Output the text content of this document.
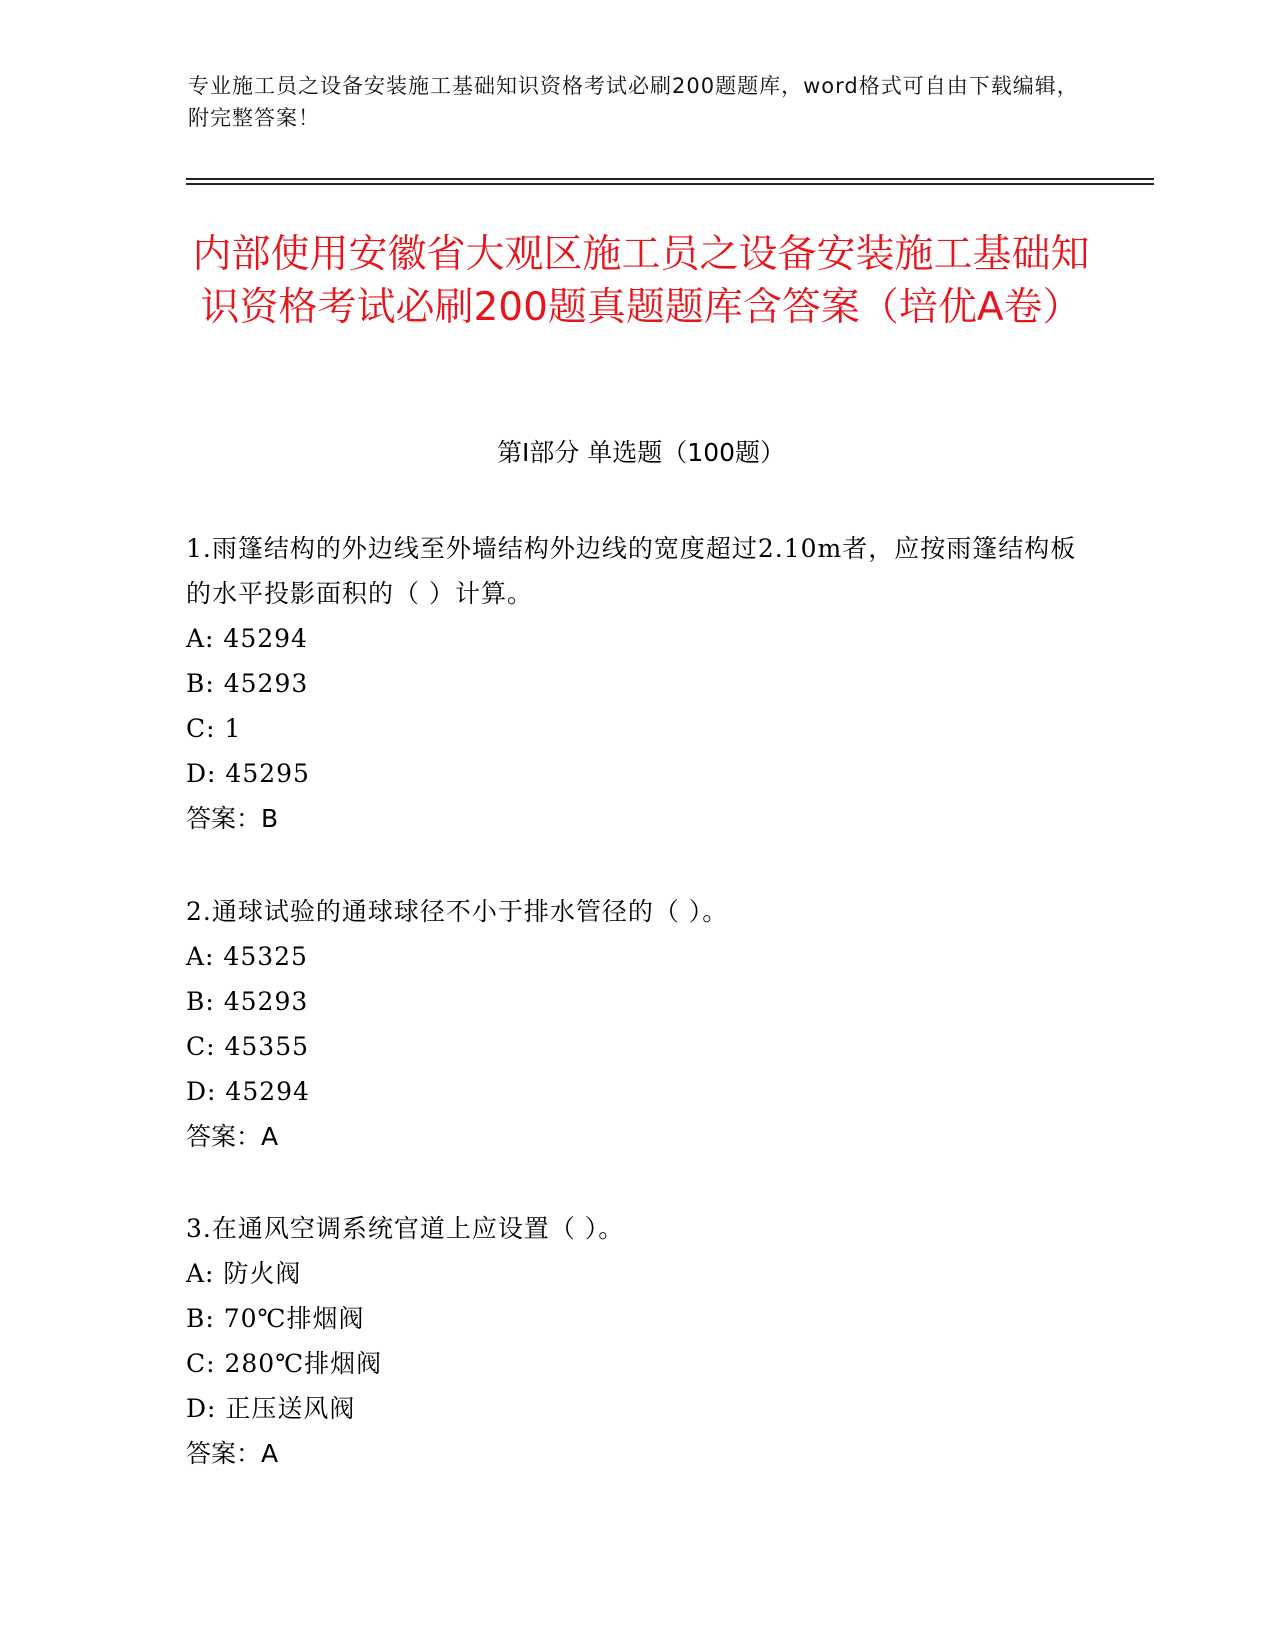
专业施工员之设备安装施工基础知识资格考试必刷200题题库，word格式可自由下载编辑，附完整答案！
内部使用安徽省大观区施工员之设备安装施工基础知识资格考试必刷200题真题题库含答案（培优A卷）
第I部分 单选题（100题）

1.雨篷结构的外边线至外墙结构外边线的宽度超过2.10m者，应按雨篷结构板的水平投影面积的（ ）计算。

A: 45294

B: 45293

C: 1

D: 45295

答案：B

2.通球试验的通球球径不小于排水管径的（ ）。

A: 45325

B: 45293

C: 45355

D: 45294

答案：A

3.在通风空调系统官道上应设置（ ）。

A: 防火阀

B: 70℃排烟阀

C: 280℃排烟阀

D: 正压送风阀

答案：A
